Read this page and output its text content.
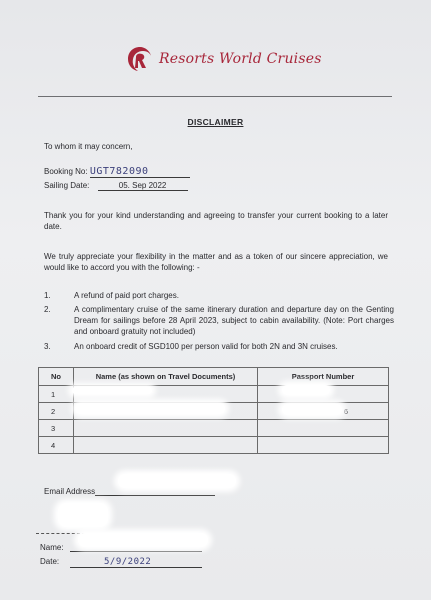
Resorts World Cruises
DISCLAIMER
To whom it may concern,
Booking No: UGT782090
Sailing Date:	05. Sep 2022
Thank you for your kind understanding and agreeing to transfer your current booking to a later date.
We truly appreciate your flexibility in the matter and as a token of our sincere appreciation, we would like to accord you with the following: -
1.	A refund of paid port charges.
2.	A complimentary cruise of the same itinerary duration and departure day on the Genting Dream for sailings before 28 April 2023, subject to cabin availability. (Note: Port charges and onboard gratuity not included)
3.	An onboard credit of SGD100 per person valid for both 2N and 3N cruises.
No	Name (as shown on Travel Documents)	Passport Number
1		
2		6
3		
4		
Email Address
Name:
Date:	5/9/2022
